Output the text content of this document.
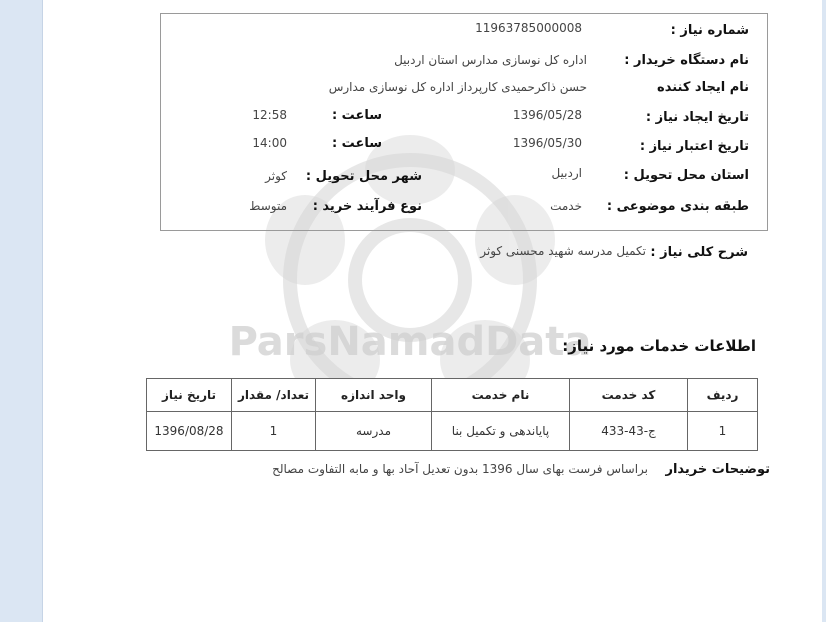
ParsNamadData
شماره نیاز :
11963785000008
نام دستگاه خریدار :
اداره کل نوسازی مدارس استان اردبیل
نام ایجاد کننده
حسن ذاکرحمیدی کارپرداز اداره کل نوسازی مدارس
تاریخ ایجاد نیاز :
1396/05/28
ساعت :
12:58
تاریخ اعتبار نیاز :
1396/05/30
ساعت :
14:00
استان محل تحویل :
اردبیل
شهر محل تحویل :
کوثر
طبقه بندی موضوعی :
خدمت
نوع فرآیند خرید :
متوسط
شرح کلی نیاز :
تکمیل مدرسه شهید محسنی کوثر
اطلاعات خدمات مورد نیاز:
ردیف	کد خدمت	نام خدمت	واحد اندازه	تعداد/ مقدار	تاریخ نیاز
1	ج-43-433	پایاندهی و تکمیل بنا	مدرسه	1	1396/08/28
توضیحات خریدار
براساس فرست بهای سال 1396 بدون تعدیل آحاد بها و مابه التفاوت مصالح
